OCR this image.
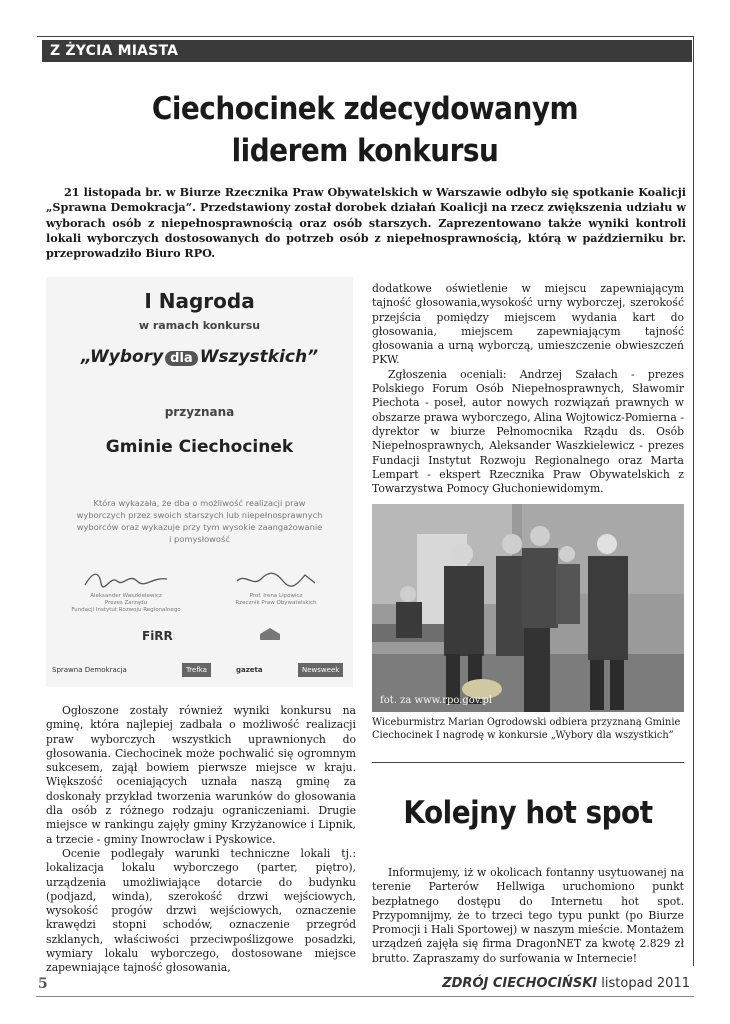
Z ŻYCIA MIASTA
Ciechocinek zdecydowanym
liderem konkursu

21 listopada br. w Biurze Rzecznika Praw Obywatelskich w Warszawie odbyło się spotkanie Koalicji „Sprawna Demokracja”. Przedstawiony został dorobek działań Koalicji na rzecz zwiększenia udziału w wyborach osób z niepełnosprawnością oraz osób starszych. Zaprezentowano także wyniki kontroli lokali wyborczych dostosowanych do potrzeb osób z niepełnosprawnością, którą w październiku br. przeprowadziło Biuro RPO.

I Nagroda
w ramach konkursu
„Wybory dla Wszystkich”
przyznana
Gminie Ciechocinek
Która wykazała, że dba o możliwość realizacji praw wyborczych przez swoich starszych lub niepełnosprawnych wyborców oraz wykazuje przy tym wysokie zaangażowanie i pomysłowość
Aleksander Waszkielewicz
Prezes Zarządu
Fundacji Instytut Rozwoju Regionalnego
Prof. Irena Lipowicz
Rzecznik Praw Obywatelskich
FiRR
Sprawna Demokracja	Trefka	gazeta	Newsweek

Ogłoszone zostały również wyniki konkursu na gminę, która najlepiej zadbała o możliwość realizacji praw wyborczych wszystkich uprawnionych do głosowania. Ciechocinek może pochwalić się ogromnym sukcesem, zajął bowiem pierwsze miejsce w kraju. Większość oceniających uznała naszą gminę za doskonały przykład tworzenia warunków do głosowania dla osób z różnego rodzaju ograniczeniami. Drugie miejsce w rankingu zajęły gminy Krzyżanowice i Lipnik, a trzecie - gminy Inowrocław i Pyskowice.

Ocenie podlegały warunki techniczne lokali tj.: lokalizacja lokalu wyborczego (parter, piętro), urządzenia umożliwiające dotarcie do budynku (podjazd, winda), szerokość drzwi wejściowych, wysokość progów drzwi wejściowych, oznaczenie krawędzi stopni schodów, oznaczenie przegród szklanych, właściwości przeciwpoślizgowe posadzki, wymiary lokalu wyborczego, dostosowane miejsce zapewniające tajność głosowania,

dodatkowe oświetlenie w miejscu zapewniającym tajność głosowania,wysokość urny wyborczej, szerokość przejścia pomiędzy miejscem wydania kart do głosowania, miejscem zapewniającym tajność głosowania a urną wyborczą, umieszczenie obwieszczeń PKW.

Zgłoszenia oceniali: Andrzej Szałach - prezes Polskiego Forum Osób Niepełnosprawnych, Sławomir Piechota - poseł, autor nowych rozwiązań prawnych w obszarze prawa wyborczego, Alina Wojtowicz-Pomierna - dyrektor w biurze Pełnomocnika Rządu ds. Osób Niepełnosprawnych, Aleksander Waszkielewicz - prezes Fundacji Instytut Rozwoju Regionalnego oraz Marta Lempart - ekspert Rzecznika Praw Obywatelskich z Towarzystwa Pomocy Głuchoniewidomym.

fot. za www.rpo.gov.pl
Wiceburmistrz Marian Ogrodowski odbiera przyznaną Gminie Ciechocinek I nagrodę w konkursie „Wybory dla wszystkich”
Kolejny hot spot

Informujemy, iż w okolicach fontanny usytuowanej na terenie Parterów Hellwiga uruchomiono punkt bezpłatnego dostępu do Internetu hot spot. Przypomnijmy, że to trzeci tego typu punkt (po Biurze Promocji i Hali Sportowej) w naszym mieście. Montażem urządzeń zajęła się firma DragonNET za kwotę 2.829 zł brutto. Zapraszamy do surfowania w Internecie!

5	ZDRÓJ CIECHOCIŃSKI listopad 2011
